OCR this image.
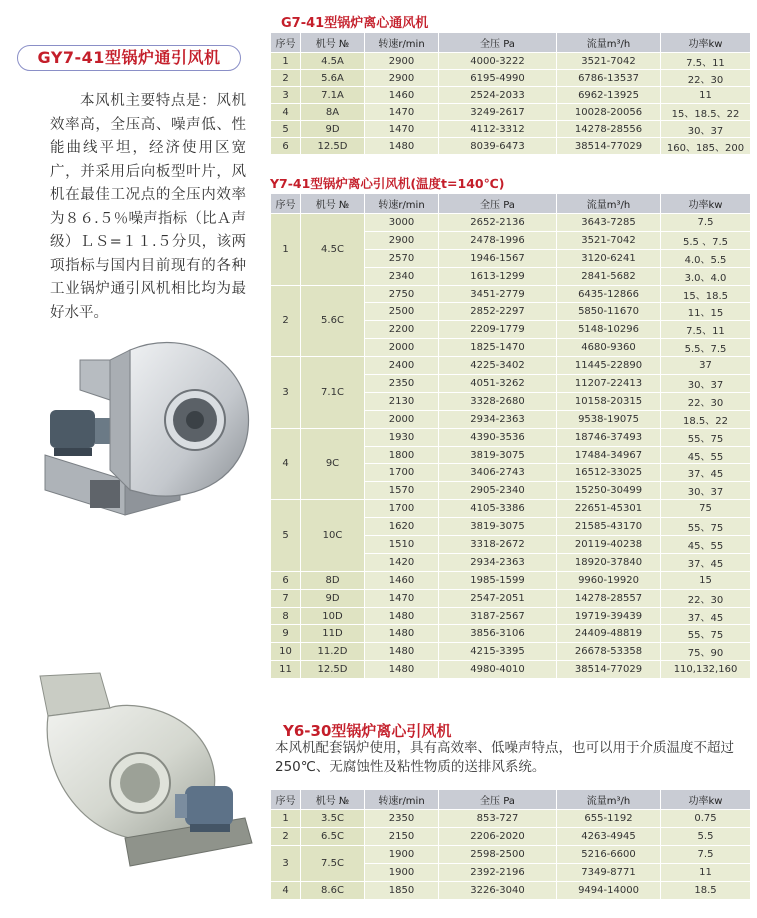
GY7-41型锅炉通引风机

本风机主要特点是：风机效率高，全压高、噪声低、性能曲线平坦，经济使用区宽广，并采用后向板型叶片，风机在最佳工况点的全压内效率为８６.５％噪声指标（比Ａ声级）ＬＳ=１１.５分贝，该两项指标与国内目前现有的各种工业锅炉通引风机相比均为最好水平。

G7-41型锅炉离心通风机
序号	机号 №	转速r/min	全压 Pa	流量m³/h	功率kw
1	4.5A	2900	4000-3222	3521-7042	7.5、11
2	5.6A	2900	6195-4990	6786-13537	22、30
3	7.1A	1460	2524-2033	6962-13925	11
4	8A	1470	3249-2617	10028-20056	15、18.5、22
5	9D	1470	4112-3312	14278-28556	30、37
6	12.5D	1480	8039-6473	38514-77029	160、185、200
Y7-41型锅炉离心引风机(温度t=140℃)
序号	机号 №	转速r/min	全压 Pa	流量m³/h	功率kw
1	4.5C	3000	2652-2136	3643-7285	7.5
		2900	2478-1996	3521-7042	5.5 、7.5
		2570	1946-1567	3120-6241	4.0、5.5
		2340	1613-1299	2841-5682	3.0、4.0
2	5.6C	2750	3451-2779	6435-12866	15、18.5
		2500	2852-2297	5850-11670	11、15
		2200	2209-1779	5148-10296	7.5、11
		2000	1825-1470	4680-9360	5.5、7.5
3	7.1C	2400	4225-3402	11445-22890	37
		2350	4051-3262	11207-22413	30、37
		2130	3328-2680	10158-20315	22、30
		2000	2934-2363	9538-19075	18.5、22
4	9C	1930	4390-3536	18746-37493	55、75
		1800	3819-3075	17484-34967	45、55
		1700	3406-2743	16512-33025	37、45
		1570	2905-2340	15250-30499	30、37
5	10C	1700	4105-3386	22651-45301	75
		1620	3819-3075	21585-43170	55、75
		1510	3318-2672	20119-40238	45、55
		1420	2934-2363	18920-37840	37、45
6	8D	1460	1985-1599	9960-19920	15
7	9D	1470	2547-2051	14278-28557	22、30
8	10D	1480	3187-2567	19719-39439	37、45
9	11D	1480	3856-3106	24409-48819	55、75
10	11.2D	1480	4215-3395	26678-53358	75、90
11	12.5D	1480	4980-4010	38514-77029	110,132,160
Y6-30型锅炉离心引风机

本风机配套锅炉使用，具有高效率、低噪声特点，也可以用于介质温度不超过250℃、无腐蚀性及粘性物质的送排风系统。

序号	机号 №	转速r/min	全压 Pa	流量m³/h	功率kw
1	3.5C	2350	853-727	655-1192	0.75
2	6.5C	2150	2206-2020	4263-4945	5.5
3	7.5C	1900	2598-2500	5216-6600	7.5
		1900	2392-2196	7349-8771	11
4	8.6C	1850	3226-3040	9494-14000	18.5
